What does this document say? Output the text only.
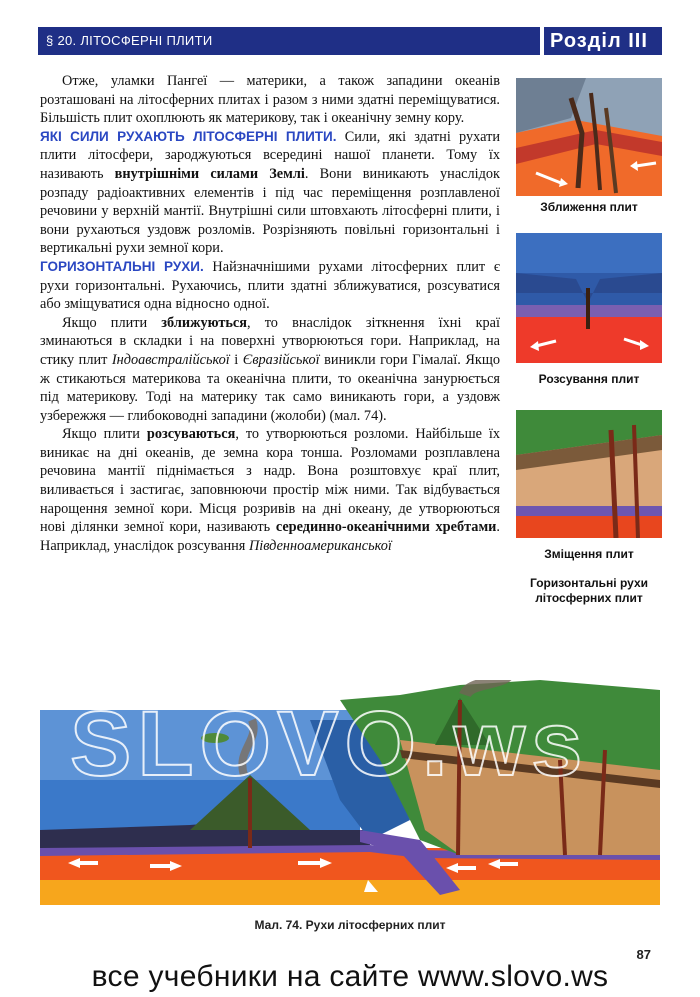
§ 20. ЛІТОСФЕРНІ ПЛИТИ	Розділ III

Отже, уламки Пангеї — материки, а також западини океанів розташовані на літосферних плитах і разом з ними здатні переміщуватися. Більшість плит охоплюють як материкову, так і океанічну земну кору.

ЯКІ СИЛИ РУХАЮТЬ ЛІТОСФЕРНІ ПЛИТИ. Сили, які здатні рухати плити літосфери, зароджуються всередині нашої планети. Тому їх називають внутрішніми силами Землі. Вони виникають унаслідок розпаду радіоактивних елементів і під час переміщення розплавленої речовини у верхній мантії. Внутрішні сили штовхають літосферні плити, і вони рухаються уздовж розломів. Розрізняють повільні горизонтальні і вертикальні рухи земної кори.

ГОРИЗОНТАЛЬНІ РУХИ. Найзначнішими рухами літосферних плит є рухи горизонтальні. Рухаючись, плити здатні зближуватися, розсуватися або зміщуватися одна відносно одної.

Якщо плити зближуються, то внаслідок зіткнення їхні краї зминаються в складки і на поверхні утворюються гори. Наприклад, на стику плит Індоавстралійської і Євразійської виникли гори Гімалаї. Якщо ж стикаються материкова та океанічна плити, то океанічна занурюється під материкову. Тоді на материку так само виникають гори, а уздовж узбережжя — глибоководні западини (жолоби) (мал. 74).

Якщо плити розсуваються, то утворюються розломи. Найбільше їх виникає на дні океанів, де земна кора тонша. Розломами розплавлена речовина мантії піднімається з надр. Вона розштовхує краї плит, виливається і застигає, заповнюючи простір між ними. Так відбувається нарощення земної кори. Місця розривів на дні океану, де утворюються нові ділянки земної кори, називають серединно-океанічними хребтами. Наприклад, унаслідок розсування Південноамериканської

Зближення плит
Розсування плит
Зміщення плит
Горизонтальні рухи літосферних плит
SLOVO.ws
Мал. 74. Рухи літосферних плит
87
все учебники на сайте www.slovo.ws
